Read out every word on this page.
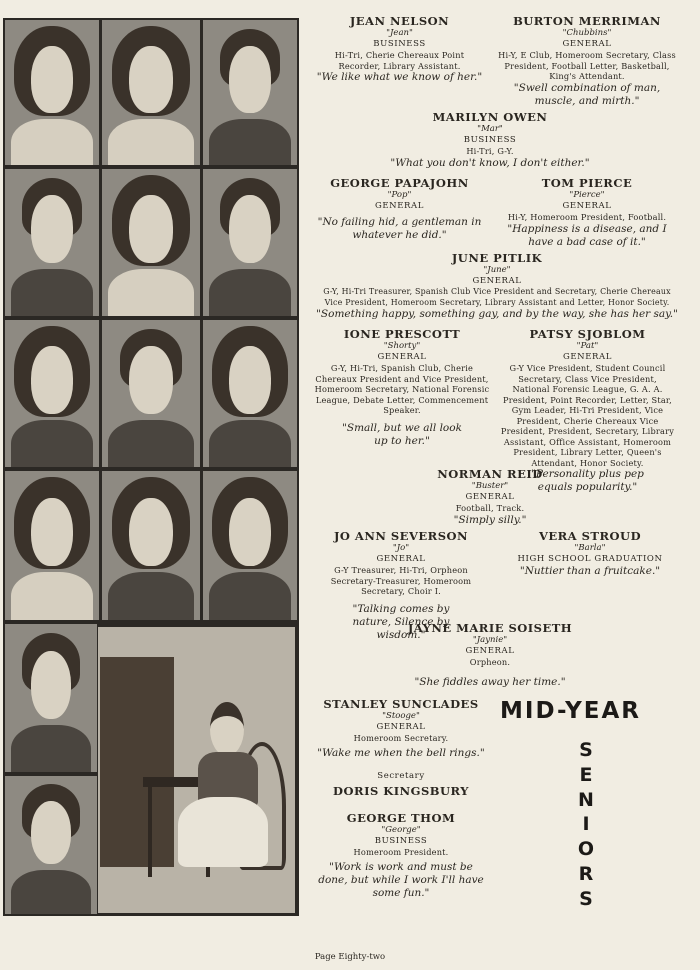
JEAN NELSON
"Jean"
BUSINESS
Hi-Tri, Cherie Chereaux Point Recorder, Library Assistant.
"We like what we know of her."
BURTON MERRIMAN
"Chubbins"
GENERAL
Hi-Y, E Club, Homeroom Secretary, Class President, Football Letter, Basketball, King's Attendant.
"Swell combination of man, muscle, and mirth."
MARILYN OWEN
"Mar"
BUSINESS
Hi-Tri, G-Y.
"What you don't know, I don't either."
GEORGE PAPAJOHN
"Pop"
GENERAL
"No failing hid, a gentleman in whatever he did."
TOM PIERCE
"Pierce"
GENERAL
Hi-Y, Homeroom President, Football.
"Happiness is a disease, and I have a bad case of it."
JUNE PITLIK
"June"
GENERAL
G-Y, Hi-Tri Treasurer, Spanish Club Vice President and Secretary, Cherie Chereaux Vice President, Homeroom Secretary, Library Assistant and Letter, Honor Society.
"Something happy, something gay, and by the way, she has her say."
IONE PRESCOTT
"Shorty"
GENERAL
G-Y, Hi-Tri, Spanish Club, Cherie Chereaux President and Vice President, Homeroom Secretary, National Forensic League, Debate Letter, Commencement Speaker.
"Small, but we all look up to her."
PATSY SJOBLOM
"Pat"
GENERAL
G-Y Vice President, Student Council Secretary, Class Vice President, National Forensic League, G. A. A. President, Point Recorder, Letter, Star, Gym Leader, Hi-Tri President, Vice President, Cherie Chereaux Vice President, President, Secretary, Library Assistant, Office Assistant, Homeroom President, Library Letter, Queen's Attendant, Honor Society.
"Personality plus pep equals popularity."
NORMAN REID
"Buster"
GENERAL
Football, Track.
"Simply silly."
JO ANN SEVERSON
"Jo"
GENERAL
G-Y Treasurer, Hi-Tri, Orpheon Secretary-Treasurer, Homeroom Secretary, Choir I.
"Talking comes by nature, Silence by wisdom."
VERA STROUD
"Barla"
HIGH SCHOOL GRADUATION
"Nuttier than a fruitcake."
JAYNE MARIE SOISETH
"Jaynie"
GENERAL
Orpheon.
"She fiddles away her time."
STANLEY SUNCLADES
"Stooge"
GENERAL
Homeroom Secretary.
"Wake me when the bell rings."
Secretary
DORIS KINGSBURY
GEORGE THOM
"George"
BUSINESS
Homeroom President.
"Work is work and must be done, but while I work I'll have some fun."
MID-YEAR
S
E
N
I
O
R
S
Page Eighty-two
